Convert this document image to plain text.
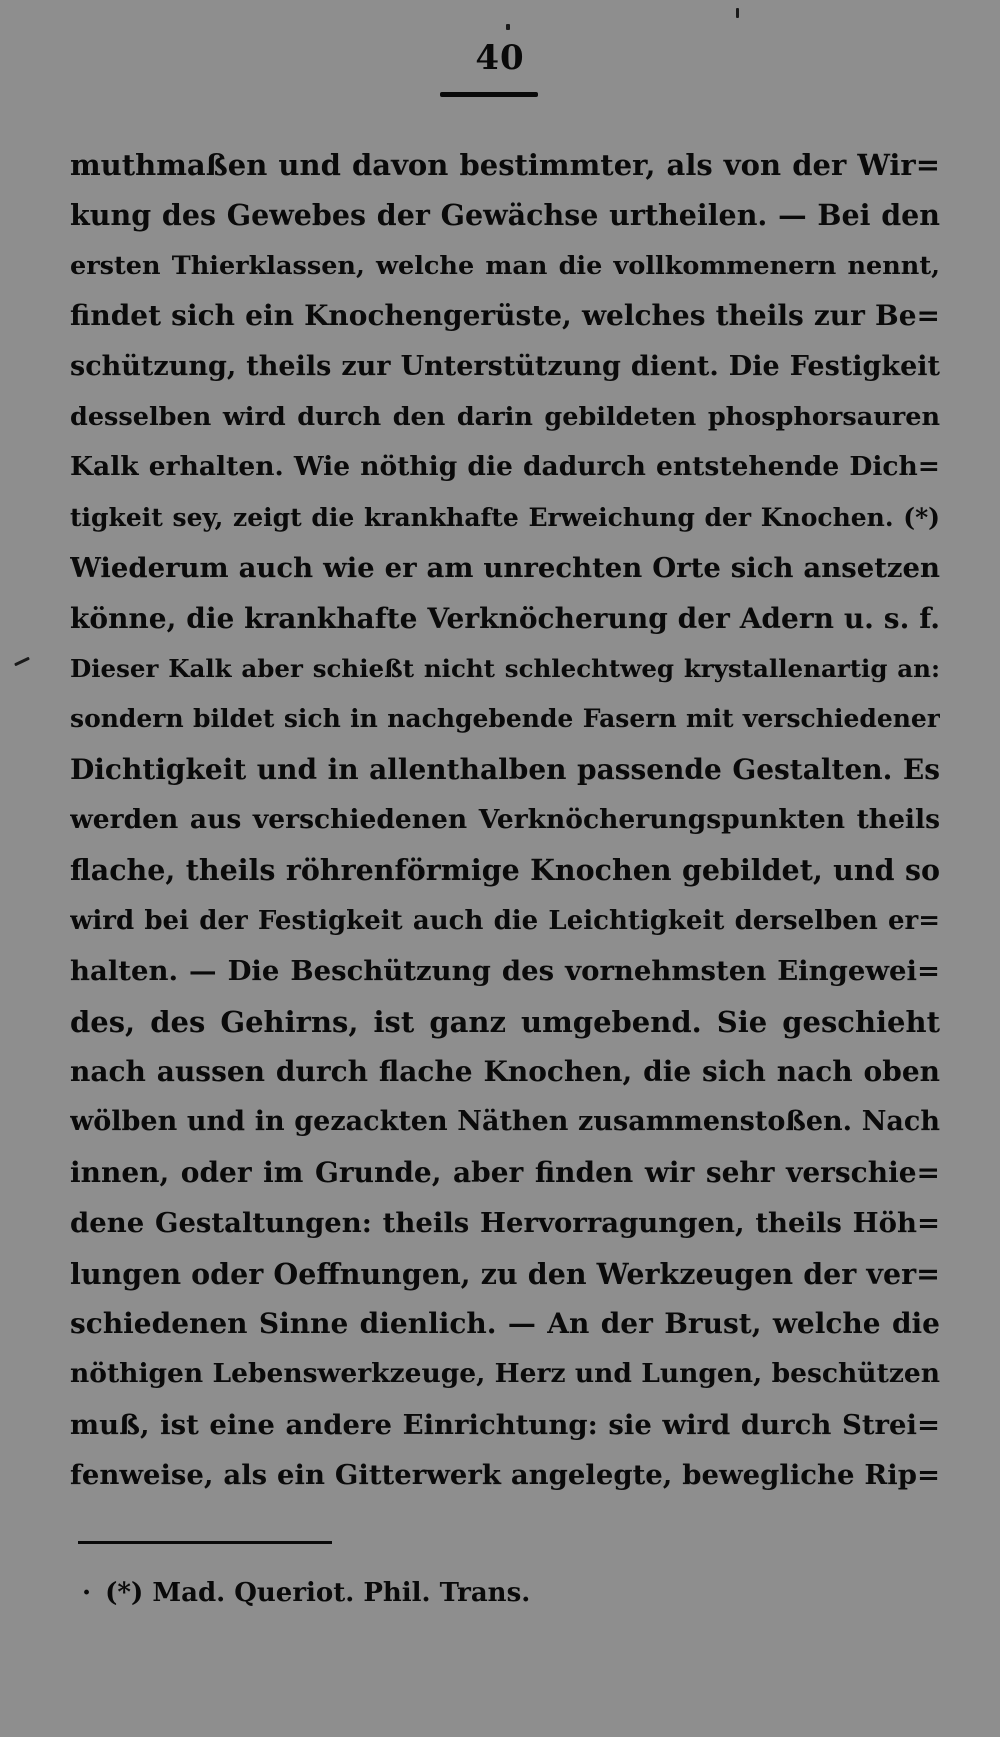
40
muthmaßen und davon bestimmter, als von der Wir=
kung des Gewebes der Gewächse urtheilen. — Bei den
ersten Thierklassen, welche man die vollkommenern nennt,
findet sich ein Knochengerüste, welches theils zur Be=
schützung, theils zur Unterstützung dient. Die Festigkeit
desselben wird durch den darin gebildeten phosphorsauren
Kalk erhalten. Wie nöthig die dadurch entstehende Dich=
tigkeit sey, zeigt die krankhafte Erweichung der Knochen. (*)
Wiederum auch wie er am unrechten Orte sich ansetzen
könne, die krankhafte Verknöcherung der Adern u. s. f.
Dieser Kalk aber schießt nicht schlechtweg krystallenartig an:
sondern bildet sich in nachgebende Fasern mit verschiedener
Dichtigkeit und in allenthalben passende Gestalten. Es
werden aus verschiedenen Verknöcherungspunkten theils
flache, theils röhrenförmige Knochen gebildet, und so
wird bei der Festigkeit auch die Leichtigkeit derselben er=
halten. — Die Beschützung des vornehmsten Eingewei=
des, des Gehirns, ist ganz umgebend. Sie geschieht
nach aussen durch flache Knochen, die sich nach oben
wölben und in gezackten Näthen zusammenstoßen. Nach
innen, oder im Grunde, aber finden wir sehr verschie=
dene Gestaltungen: theils Hervorragungen, theils Höh=
lungen oder Oeffnungen, zu den Werkzeugen der ver=
schiedenen Sinne dienlich. — An der Brust, welche die
nöthigen Lebenswerkzeuge, Herz und Lungen, beschützen
muß, ist eine andere Einrichtung: sie wird durch Strei=
fenweise, als ein Gitterwerk angelegte, bewegliche Rip=
· (*) Mad. Queriot. Phil. Trans.
